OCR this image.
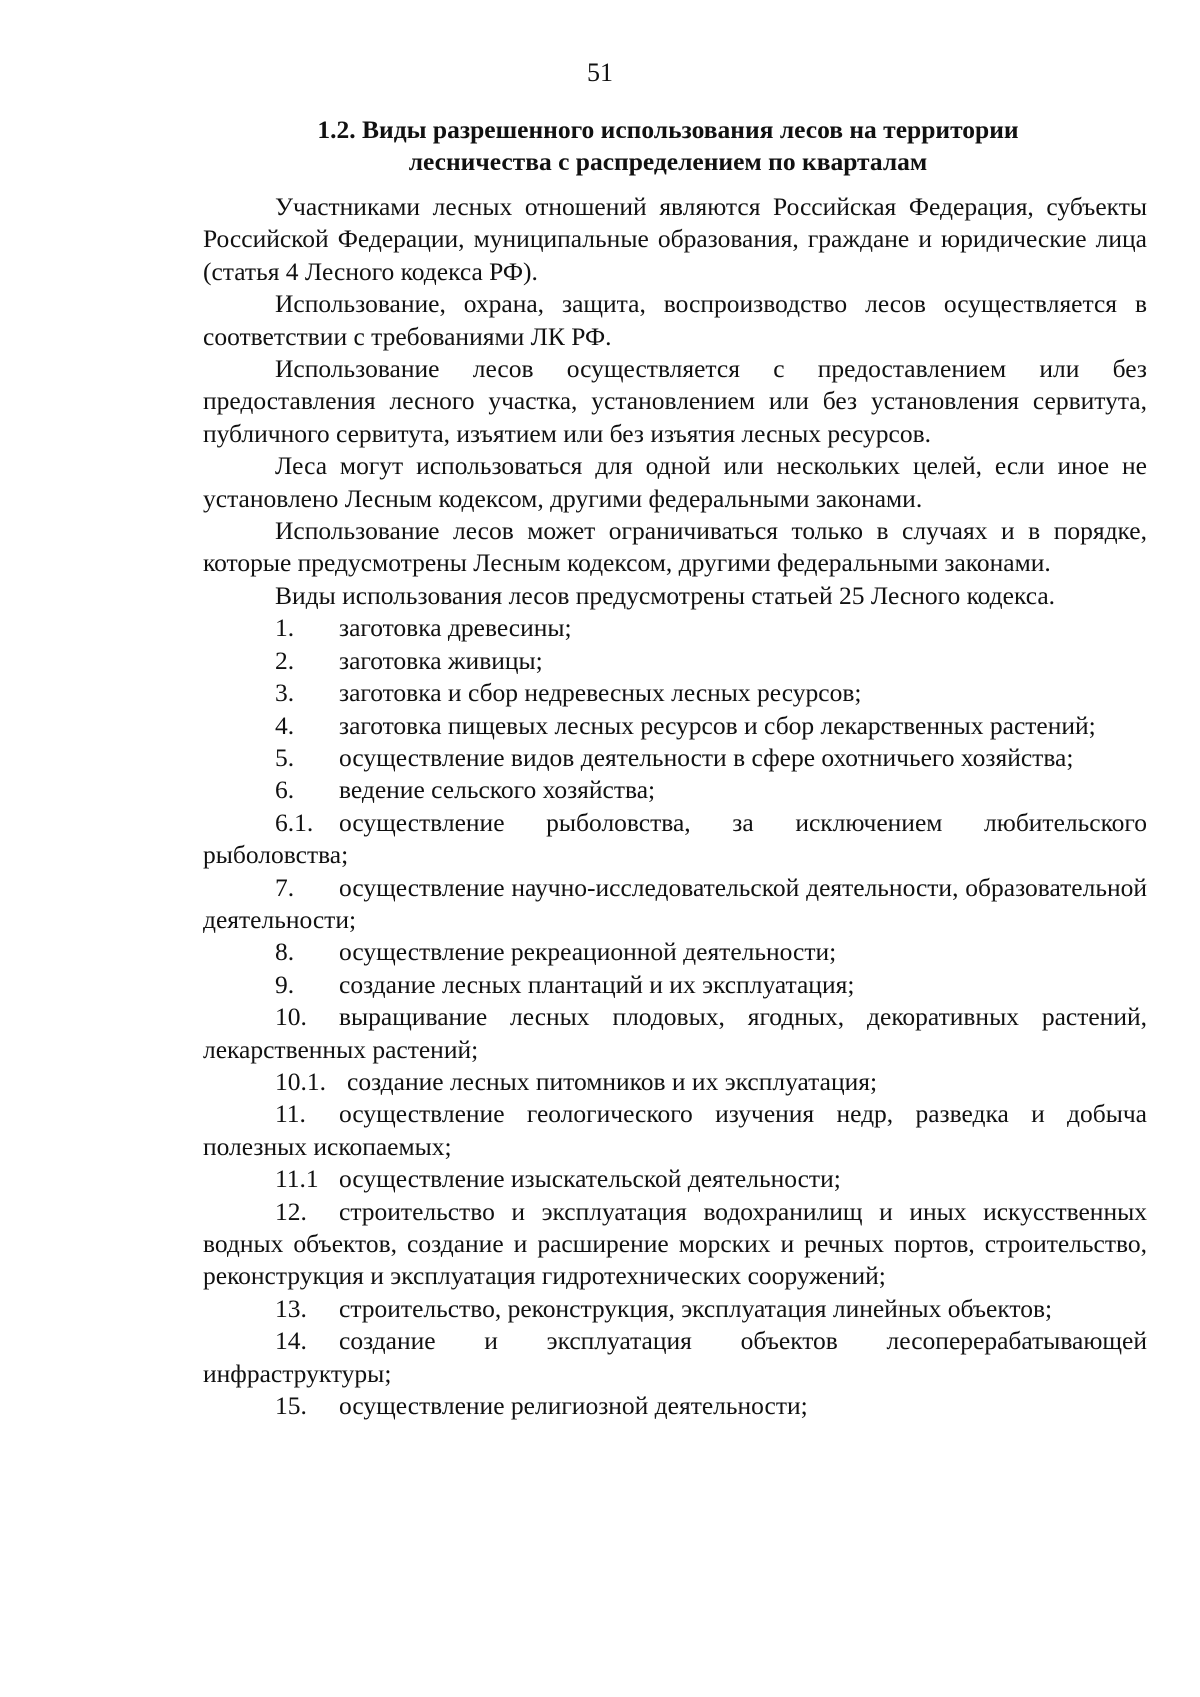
51
1.2. Виды разрешенного использования лесов на территории
лесничества с распределением по кварталам

Участниками лесных отношений являются Российская Федерация, субъекты Российской Федерации, муниципальные образования, граждане и юридические лица (статья 4 Лесного кодекса РФ).

Использование, охрана, защита, воспроизводство лесов осуществляется в соответствии с требованиями ЛК РФ.

Использование лесов осуществляется с предоставлением или без предоставления лесного участка, установлением или без установления сервитута, публичного сервитута, изъятием или без изъятия лесных ресурсов.

Леса могут использоваться для одной или нескольких целей, если иное не установлено Лесным кодексом, другими федеральными законами.

Использование лесов может ограничиваться только в случаях и в порядке, которые предусмотрены Лесным кодексом, другими федеральными законами.

Виды использования лесов предусмотрены статьей 25 Лесного кодекса.

1. заготовка древесины;

2. заготовка живицы;

3. заготовка и сбор недревесных лесных ресурсов;

4. заготовка пищевых лесных ресурсов и сбор лекарственных растений;

5. осуществление видов деятельности в сфере охотничьего хозяйства;

6. ведение сельского хозяйства;

6.1. осуществление рыболовства, за исключением любительского рыболовства;

7. осуществление научно-исследовательской деятельности, образовательной деятельности;

8. осуществление рекреационной деятельности;

9. создание лесных плантаций и их эксплуатация;

10. выращивание лесных плодовых, ягодных, декоративных растений, лекарственных растений;

10.1. создание лесных питомников и их эксплуатация;

11. осуществление геологического изучения недр, разведка и добыча полезных ископаемых;

11.1 осуществление изыскательской деятельности;

12. строительство и эксплуатация водохранилищ и иных искусственных водных объектов, создание и расширение морских и речных портов, строительство, реконструкция и эксплуатация гидротехнических сооружений;

13. строительство, реконструкция, эксплуатация линейных объектов;

14. создание и эксплуатация объектов лесоперерабатывающей инфраструктуры;

15. осуществление религиозной деятельности;
